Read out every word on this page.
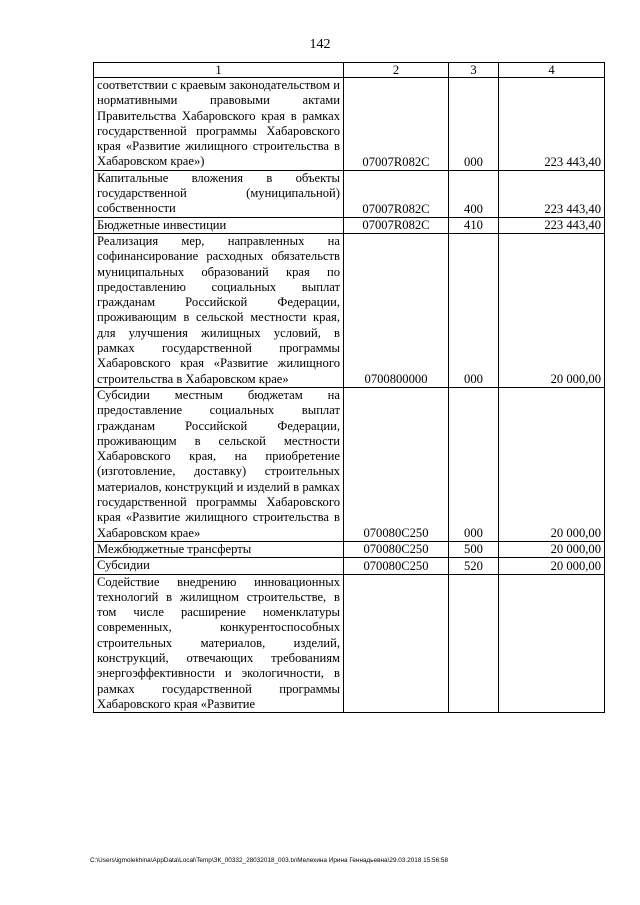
142
1	2	3	4
соответствии с краевым законодательством и нормативными правовыми актами Правительства Хабаровского края в рамках государственной программы Хабаровского края «Развитие жилищного строительства в Хабаровском крае»)	07007R082C	000	223 443,40
Капитальные вложения в объекты государственной (муниципальной) собственности	07007R082C	400	223 443,40
Бюджетные инвестиции	07007R082C	410	223 443,40
Реализация мер, направленных на софинансирование расходных обязательств муниципальных образований края по предоставлению социальных выплат гражданам Российской Федерации, проживающим в сельской местности края, для улучшения жилищных условий, в рамках государственной программы Хабаровского края «Развитие жилищного строительства в Хабаровском крае»	0700800000	000	20 000,00
Субсидии местным бюджетам на предоставление социальных выплат гражданам Российской Федерации, проживающим в сельской местности Хабаровского края, на приобретение (изготовление, доставку) строительных материалов, конструкций и изделий в рамках государственной программы Хабаровского края «Развитие жилищного строительства в Хабаровском крае»	070080С250	000	20 000,00
Межбюджетные трансферты	070080С250	500	20 000,00
Субсидии	070080С250	520	20 000,00
Содействие внедрению инновационных технологий в жилищном строительстве, в том числе расширение номенклатуры современных, конкурентоспособных строительных материалов, изделий, конструкций, отвечающих требованиям энергоэффективности и экологичности, в рамках государственной программы Хабаровского края «Развитие			
C:\Users\igmolekhina\AppData\Local\Temp\ЗК_00332_28032018_003.tx\Мелехина Ирина Геннадьевна\29.03.2018 15:56:58
